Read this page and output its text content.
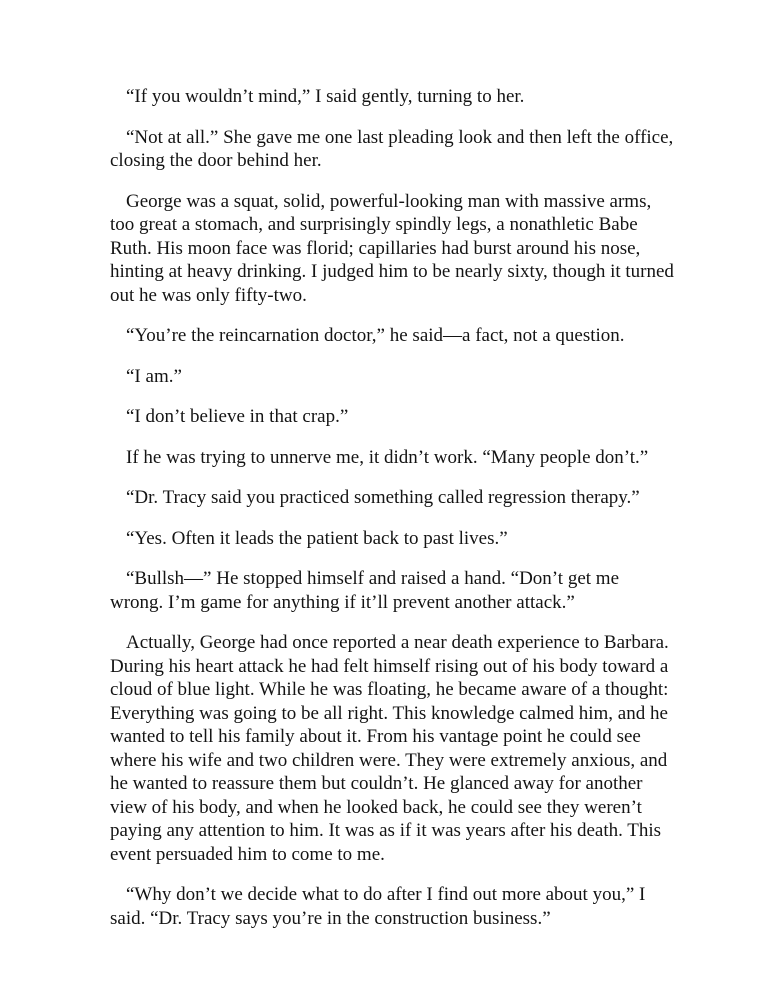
“If you wouldn’t mind,” I said gently, turning to her.

“Not at all.” She gave me one last pleading look and then left the office, closing the door behind her.

George was a squat, solid, powerful-looking man with massive arms, too great a stomach, and surprisingly spindly legs, a nonathletic Babe Ruth. His moon face was florid; capillaries had burst around his nose, hinting at heavy drinking. I judged him to be nearly sixty, though it turned out he was only fifty-two.

“You’re the reincarnation doctor,” he said—a fact, not a question.

“I am.”

“I don’t believe in that crap.”

If he was trying to unnerve me, it didn’t work. “Many people don’t.”

“Dr. Tracy said you practiced something called regression therapy.”

“Yes. Often it leads the patient back to past lives.”

“Bullsh—” He stopped himself and raised a hand. “Don’t get me wrong. I’m game for anything if it’ll prevent another attack.”

Actually, George had once reported a near death experience to Barbara. During his heart attack he had felt himself rising out of his body toward a cloud of blue light. While he was floating, he became aware of a thought: Everything was going to be all right. This knowledge calmed him, and he wanted to tell his family about it. From his vantage point he could see where his wife and two children were. They were extremely anxious, and he wanted to reassure them but couldn’t. He glanced away for another view of his body, and when he looked back, he could see they weren’t paying any attention to him. It was as if it was years after his death. This event persuaded him to come to me.

“Why don’t we decide what to do after I find out more about you,” I said. “Dr. Tracy says you’re in the construction business.”
